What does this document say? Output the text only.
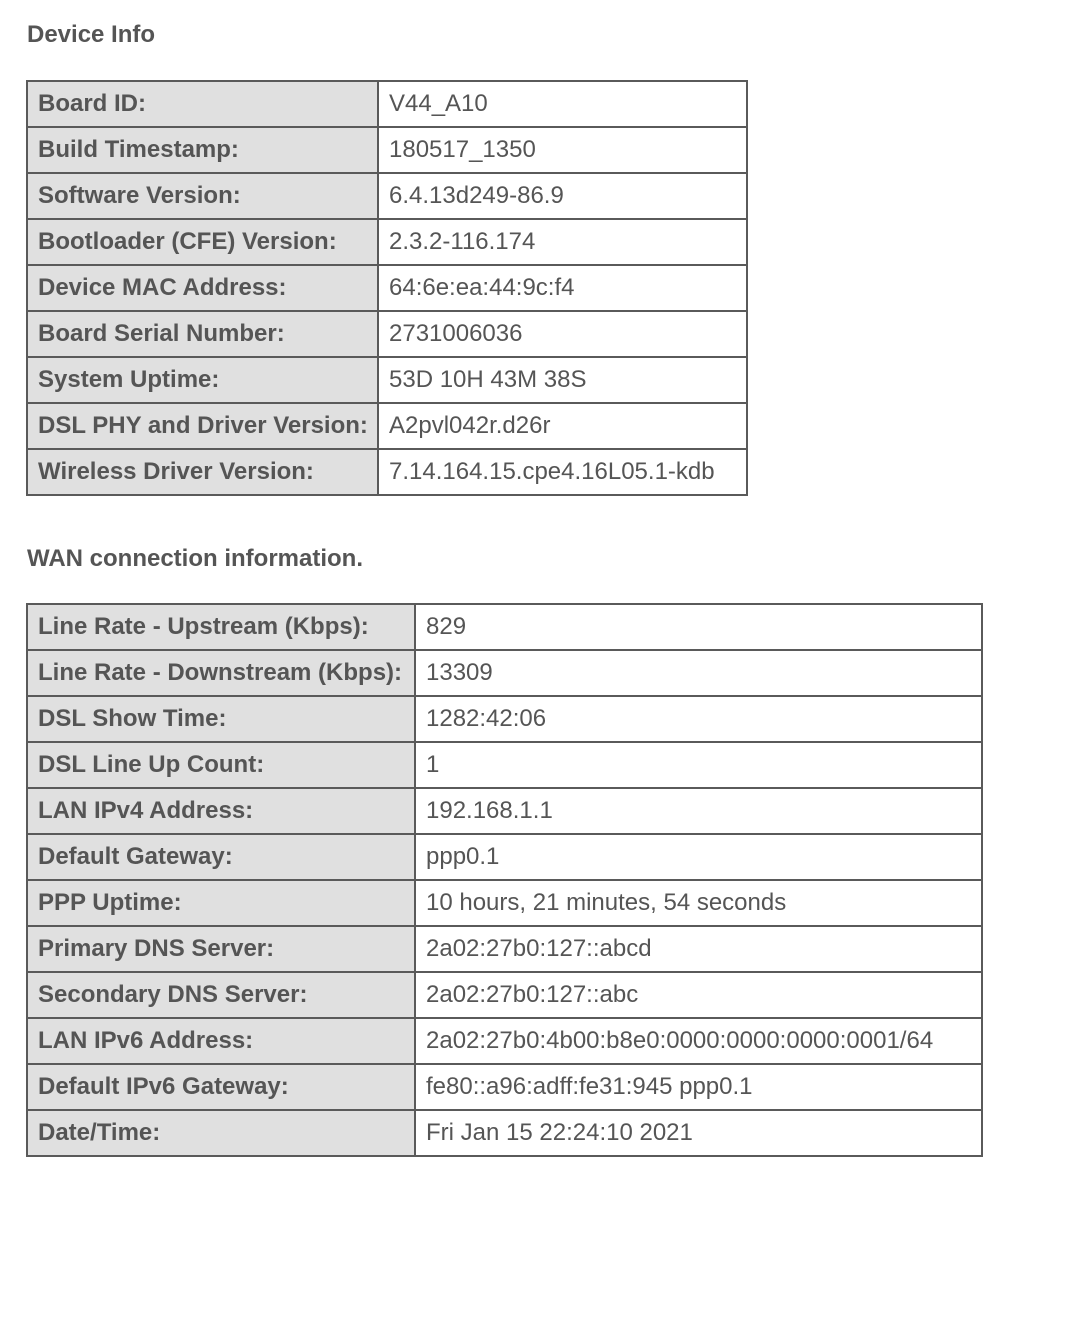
Device Info
Board ID:	V44_A10
Build Timestamp:	180517_1350
Software Version:	6.4.13d249-86.9
Bootloader (CFE) Version:	2.3.2-116.174
Device MAC Address:	64:6e:ea:44:9c:f4
Board Serial Number:	2731006036
System Uptime:	53D 10H 43M 38S
DSL PHY and Driver Version:	A2pvl042r.d26r
Wireless Driver Version:	7.14.164.15.cpe4.16L05.1-kdb
WAN connection information.
Line Rate - Upstream (Kbps):	829
Line Rate - Downstream (Kbps):	13309
DSL Show Time:	1282:42:06
DSL Line Up Count:	1
LAN IPv4 Address:	192.168.1.1
Default Gateway:	ppp0.1
PPP Uptime:	10 hours, 21 minutes, 54 seconds
Primary DNS Server:	2a02:27b0:127::abcd
Secondary DNS Server:	2a02:27b0:127::abc
LAN IPv6 Address:	2a02:27b0:4b00:b8e0:0000:0000:0000:0001/64
Default IPv6 Gateway:	fe80::a96:adff:fe31:945 ppp0.1
Date/Time:	Fri Jan 15 22:24:10 2021
